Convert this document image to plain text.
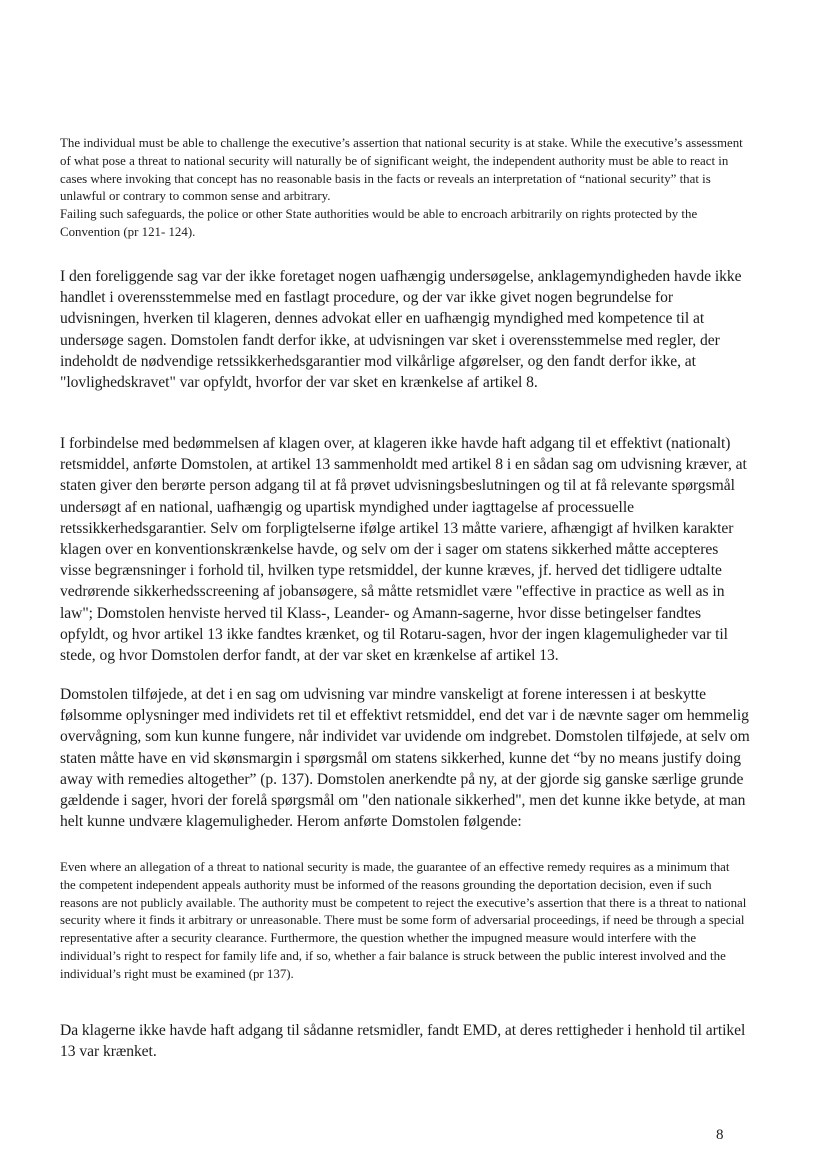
The individual must be able to challenge the executive’s assertion that national security is at stake. While the executive’s assessment of what pose a threat to national security will naturally be of significant weight, the independent authority must be able to react in cases where invoking that concept has no reasonable basis in the facts or reveals an interpretation of “national security” that is unlawful or contrary to common sense and arbitrary.

Failing such safeguards, the police or other State authorities would be able to encroach arbitrarily on rights protected by the Convention (pr 121- 124).

I den foreliggende sag var der ikke foretaget nogen uafhængig undersøgelse, anklagemyndigheden havde ikke handlet i overensstemmelse med en fastlagt procedure, og der var ikke givet nogen begrundelse for udvisningen, hverken til klageren, dennes advokat eller en uafhængig myndighed med kompetence til at undersøge sagen. Domstolen fandt derfor ikke, at udvisningen var sket i overensstemmelse med regler, der indeholdt de nødvendige retssikkerhedsgarantier mod vilkårlige afgørelser, og den fandt derfor ikke, at "lovlighedskravet" var opfyldt, hvorfor der var sket en krænkelse af artikel 8.

I forbindelse med bedømmelsen af klagen over, at klageren ikke havde haft adgang til et effektivt (nationalt) retsmiddel, anførte Domstolen, at artikel 13 sammenholdt med artikel 8 i en sådan sag om udvisning kræver, at staten giver den berørte person adgang til at få prøvet udvisningsbeslutningen og til at få relevante spørgsmål undersøgt af en national, uafhængig og upartisk myndighed under iagttagelse af processuelle retssikkerhedsgarantier. Selv om forpligtelserne ifølge artikel 13 måtte variere, afhængigt af hvilken karakter klagen over en konventionskrænkelse havde, og selv om der i sager om statens sikkerhed måtte accepteres visse begrænsninger i forhold til, hvilken type retsmiddel, der kunne kræves, jf. herved det tidligere udtalte vedrørende sikkerhedsscreening af jobansøgere, så måtte retsmidlet være "effective in practice as well as in law"; Domstolen henviste herved til Klass-, Leander- og Amann-sagerne, hvor disse betingelser fandtes opfyldt, og hvor artikel 13 ikke fandtes krænket, og til Rotaru-sagen, hvor der ingen klagemuligheder var til stede, og hvor Domstolen derfor fandt, at der var sket en krænkelse af artikel 13.

Domstolen tilføjede, at det i en sag om udvisning var mindre vanskeligt at forene interessen i at beskytte følsomme oplysninger med individets ret til et effektivt retsmiddel, end det var i de nævnte sager om hemmelig overvågning, som kun kunne fungere, når individet var uvidende om indgrebet. Domstolen tilføjede, at selv om staten måtte have en vid skønsmargin i spørgsmål om statens sikkerhed, kunne det “by no means justify doing away with remedies altogether” (p. 137). Domstolen anerkendte på ny, at der gjorde sig ganske særlige grunde gældende i sager, hvori der forelå spørgsmål om "den nationale sikkerhed", men det kunne ikke betyde, at man helt kunne undvære klagemuligheder. Herom anførte Domstolen følgende:

Even where an allegation of a threat to national security is made, the guarantee of an effective remedy requires as a minimum that the competent independent appeals authority must be informed of the reasons grounding the deportation decision, even if such reasons are not publicly available. The authority must be competent to reject the executive’s assertion that there is a threat to national security where it finds it arbitrary or unreasonable. There must be some form of adversarial proceedings, if need be through a special representative after a security clearance. Furthermore, the question whether the impugned measure would interfere with the individual’s right to respect for family life and, if so, whether a fair balance is struck between the public interest involved and the individual’s right must be examined (pr 137).

Da klagerne ikke havde haft adgang til sådanne retsmidler, fandt EMD, at deres rettigheder i henhold til artikel 13 var krænket.

8
